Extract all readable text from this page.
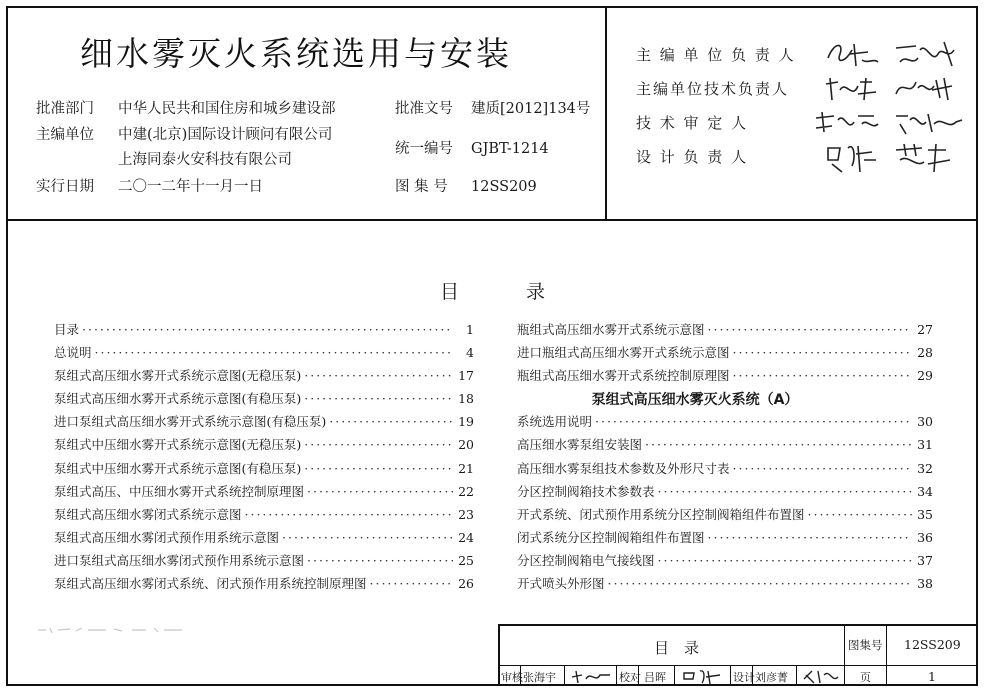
细水雾灭火系统选用与安装
批准部门 中华人民共和国住房和城乡建设部
主编单位 中建(北京)国际设计顾问有限公司
上海同泰火安科技有限公司
实行日期 二〇一二年十一月一日
批准文号 建质[2012]134号
统一编号 GJBT-1214
图 集 号 12SS209
主 编 单 位 负 责 人
主编单位技术负责人
技 术 审 定 人
设 计 负 责 人
目	录
目录 ·····	1
总说明 ·····	4
泵组式高压细水雾开式系统示意图(无稳压泵) ·····	17
泵组式高压细水雾开式系统示意图(有稳压泵) ·····	18
进口泵组式高压细水雾开式系统示意图(有稳压泵) ·····	19
泵组式中压细水雾开式系统示意图(无稳压泵) ·····	20
泵组式中压细水雾开式系统示意图(有稳压泵) ·····	21
泵组式高压、中压细水雾开式系统控制原理图 ·····	22
泵组式高压细水雾闭式系统示意图 ·····	23
泵组式高压细水雾闭式预作用系统示意图 ·····	24
进口泵组式高压细水雾闭式预作用系统示意图 ·····	25
泵组式高压细水雾闭式系统、闭式预作用系统控制原理图 ·····	26
瓶组式高压细水雾开式系统示意图 ·····	27
进口瓶组式高压细水雾开式系统示意图 ·····	28
瓶组式高压细水雾开式系统控制原理图 ·····	29
泵组式高压细水雾灭火系统（A）
系统选用说明 ·····	30
高压细水雾泵组安装图 ·····	31
高压细水雾泵组技术参数及外形尺寸表 ·····	32
分区控制阀箱技术参数表 ·····	34
开式系统、闭式预作用系统分区控制阀箱组件布置图 ·····	35
闭式系统分区控制阀箱组件布置图 ·····	36
分区控制阀箱电气接线图 ·····	37
开式喷头外形图 ·····	38
目 录	图集号 12SS209
审核 张海宇	校对 吕晖	设计 刘彦菁	页	1
